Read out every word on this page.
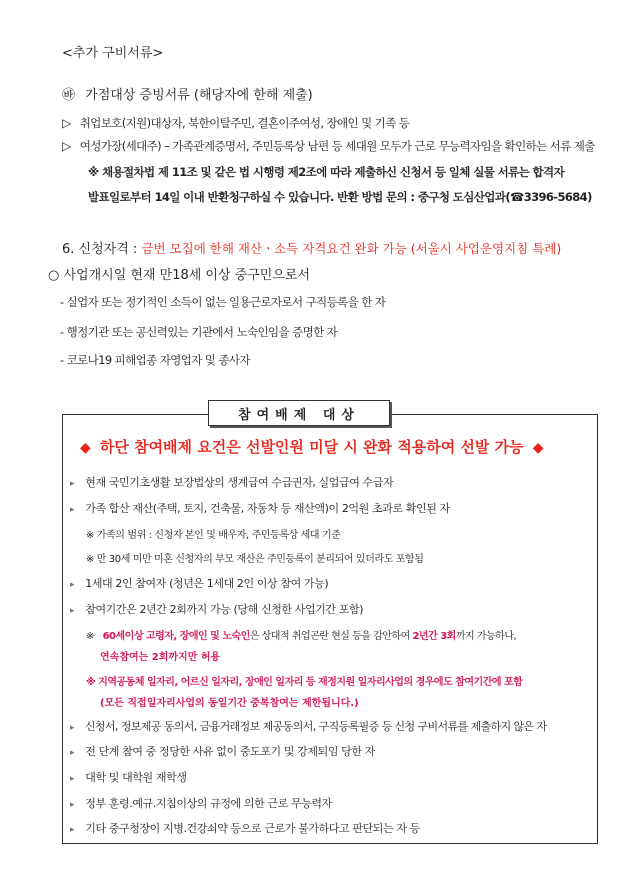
<추가 구비서류>
㉳ 가점대상 증빙서류 (해당자에 한해 제출)
▷ 취업보호(지원)대상자, 북한이탈주민, 결혼이주여성, 장애인 및 기족 등
▷ 여성가장(세대주) – 가족관계증명서, 주민등록상 남편 등 세대원 모두가 근로 무능력자임을 확인하는 서류 제출
※ 채용절차법 제 11조 및 같은 법 시행령 제2조에 따라 제출하신 신청서 등 일체 실물 서류는 합격자
발표일로부터 14일 이내 반환청구하실 수 있습니다. 반환 방법 문의 : 중구청 도심산업과(☎3396-5684)
6. 신청자격 : 금번 모집에 한해 재산ㆍ소득 자격요건 완화 가능 (서울시 사업운영지침 특례)
○ 사업개시일 현재 만18세 이상 중구민으로서
- 실업자 또는 정기적인 소득이 없는 일용근로자로서 구직등록을 한 자
- 행정기관 또는 공신력있는 기관에서 노숙인임을 증명한 자
- 코로나19 피해업종 자영업자 및 종사자
참여배제 대상
◆ 하단 참여배제 요건은 선발인원 미달 시 완화 적용하여 선발 가능 ◆
▸ 현재 국민기초생활 보장법상의 생계급여 수급권자, 실업급여 수급자
▸ 가족 합산 재산(주택, 토지, 건축물, 자동차 등 재산액)이 2억원 초과로 확인된 자
※ 가족의 범위 : 신청자 본인 및 배우자, 주민등록상 세대 기준
※ 만 30세 미만 미혼 신청자의 부모 재산은 주민등록이 분리되어 있더라도 포함됨
▸ 1세대 2인 참여자 (청년은 1세대 2인 이상 참여 가능)
▸ 참여기간은 2년간 2회까지 가능 (당해 신청한 사업기간 포함)
※ 60세이상 고령자, 장애인 및 노숙인은 상대적 취업곤란 현실 등을 감안하여 2년간 3회까지 가능하나,
연속참여는 2회까지만 허용
※ 지역공동체 일자리, 어르신 일자리, 장애인 일자리 등 재정지원 일자리사업의 경우에도 참여기간에 포함
(모든 직접일자리사업의 동일기간 중복참여는 제한됩니다.)
▸ 신청서, 정보제공 동의서, 금융거래정보 제공동의서, 구직등록필증 등 신청 구비서류를 제출하지 않은 자
▸ 전 단계 참여 중 정당한 사유 없이 중도포기 및 강제퇴임 당한 자
▸ 대학 및 대학원 재학생
▸ 정부 훈령.예규.지침이상의 규정에 의한 근로 무능력자
▸ 기타 중구청장이 지병.건강쇠약 등으로 근로가 불가하다고 판단되는 자 등
